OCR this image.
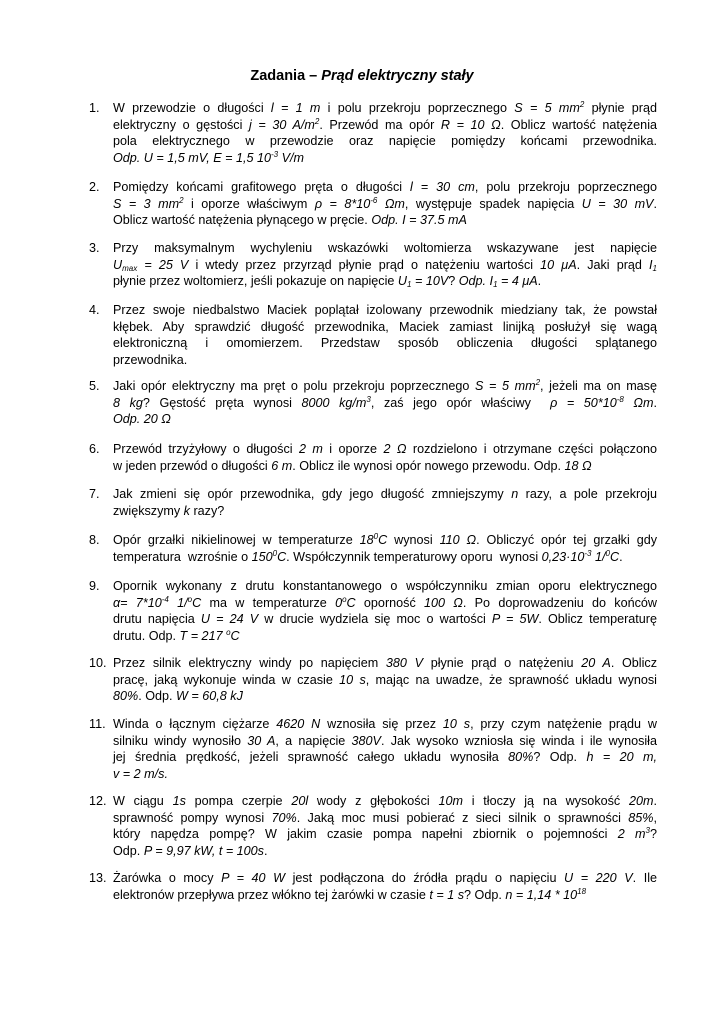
Zadania – Prąd elektryczny stały
1. W przewodzie o długości l = 1 m i polu przekroju poprzecznego S = 5 $mm^2$ płynie prąd
elektryczny o gęstości j = 30 $A/m^2$. Przewód ma opór R = 10 Ω. Oblicz wartość natężenia
pola elektrycznego w przewodzie oraz napięcie pomiędzy końcami przewodnika.
Odp. U = 1,5 mV, E = 1,5 $10^{-3}$ V/m
2. Pomiędzy końcami grafitowego pręta o długości l = 30 cm, polu przekroju poprzecznego
S = 3 $mm^2$ i oporze właściwym $\rho = 8*10^{-6}$ Ωm, występuje spadek napięcia U = 30 mV.
Oblicz wartość natężenia płynącego w pręcie. Odp. I = 37.5 mA
3. Przy maksymalnym wychyleniu wskazówki woltomierza wskazywane jest napięcie
$U_{max} = 25$ V i wtedy przez przyrząd płynie prąd o natężeniu wartości 10 μA. Jaki prąd $I_1$
płynie przez woltomierz, jeśli pokazuje on napięcie $U_1 = 10V$? Odp. $I_1 = 4$ μA.
4. Przez swoje niedbalstwo Maciek poplątał izolowany przewodnik miedziany tak, że powstał
kłębek. Aby sprawdzić długość przewodnika, Maciek zamiast linijką posłużył się wagą
elektroniczną i omomierzem. Przedstaw sposób obliczenia długości splątanego
przewodnika.
5. Jaki opór elektryczny ma pręt o polu przekroju poprzecznego S = 5 $mm^2$, jeżeli ma on masę
8 kg? Gęstość pręta wynosi 8000 $kg/m^3$, zaś jego opór właściwy  $\rho = 50*10^{-8}$ Ωm.
Odp. 20 Ω
6. Przewód trzyżyłowy o długości 2 m i oporze 2 Ω rozdzielono i otrzymane części połączono
w jeden przewód o długości 6 m. Oblicz ile wynosi opór nowego przewodu. Odp. 18 Ω
7. Jak zmieni się opór przewodnika, gdy jego długość zmniejszymy n razy, a pole przekroju
zwiększymy k razy?
8. Opór grzałki nikielinowej w temperaturze $18^0C$ wynosi 110 Ω. Obliczyć opór tej grzałki gdy
temperatura  wzrośnie o $150^0C$. Współczynnik temperaturowy oporu  wynosi $0,23\cdot 10^{-3}$ 1/$^0$C.
9. Opornik wykonany z drutu konstantanowego o współczynniku zmian oporu elektrycznego
$\alpha= 7*10^{-4}$ 1/$^o$C ma w temperaturze 0$^o$C oporność 100 Ω. Po doprowadzeniu do końców
drutu napięcia U = 24 V w drucie wydziela się moc o wartości P = 5W. Oblicz temperaturę
drutu. Odp. T = 217 $^o$C
10. Przez silnik elektryczny windy po napięciem 380 V płynie prąd o natężeniu 20 A. Oblicz
pracę, jaką wykonuje winda w czasie 10 s, mając na uwadze, że sprawność układu wynosi
80%. Odp. W = 60,8 kJ
11. Winda o łącznym ciężarze 4620 N wznosiła się przez 10 s, przy czym natężenie prądu w
silniku windy wynosiło 30 A, a napięcie 380V. Jak wysoko wzniosła się winda i ile wynosiła
jej średnia prędkość, jeżeli sprawność całego układu wynosiła 80%? Odp. h = 20 m,
v = 2 m/s.
12. W ciągu 1s pompa czerpie 20l wody z głębokości 10m i tłoczy ją na wysokość 20m.
sprawność pompy wynosi 70%. Jaką moc musi pobierać z sieci silnik o sprawności 85%,
który napędza pompę? W jakim czasie pompa napełni zbiornik o pojemności 2 $m^3$?
Odp. P = 9,97 kW, t = 100s.
13. Żarówka o mocy P = 40 W jest podłączona do źródła prądu o napięciu U = 220 V. Ile
elektronów przepływa przez włókno tej żarówki w czasie t = 1 s? Odp. $n = 1,14 * 10^{18}$
